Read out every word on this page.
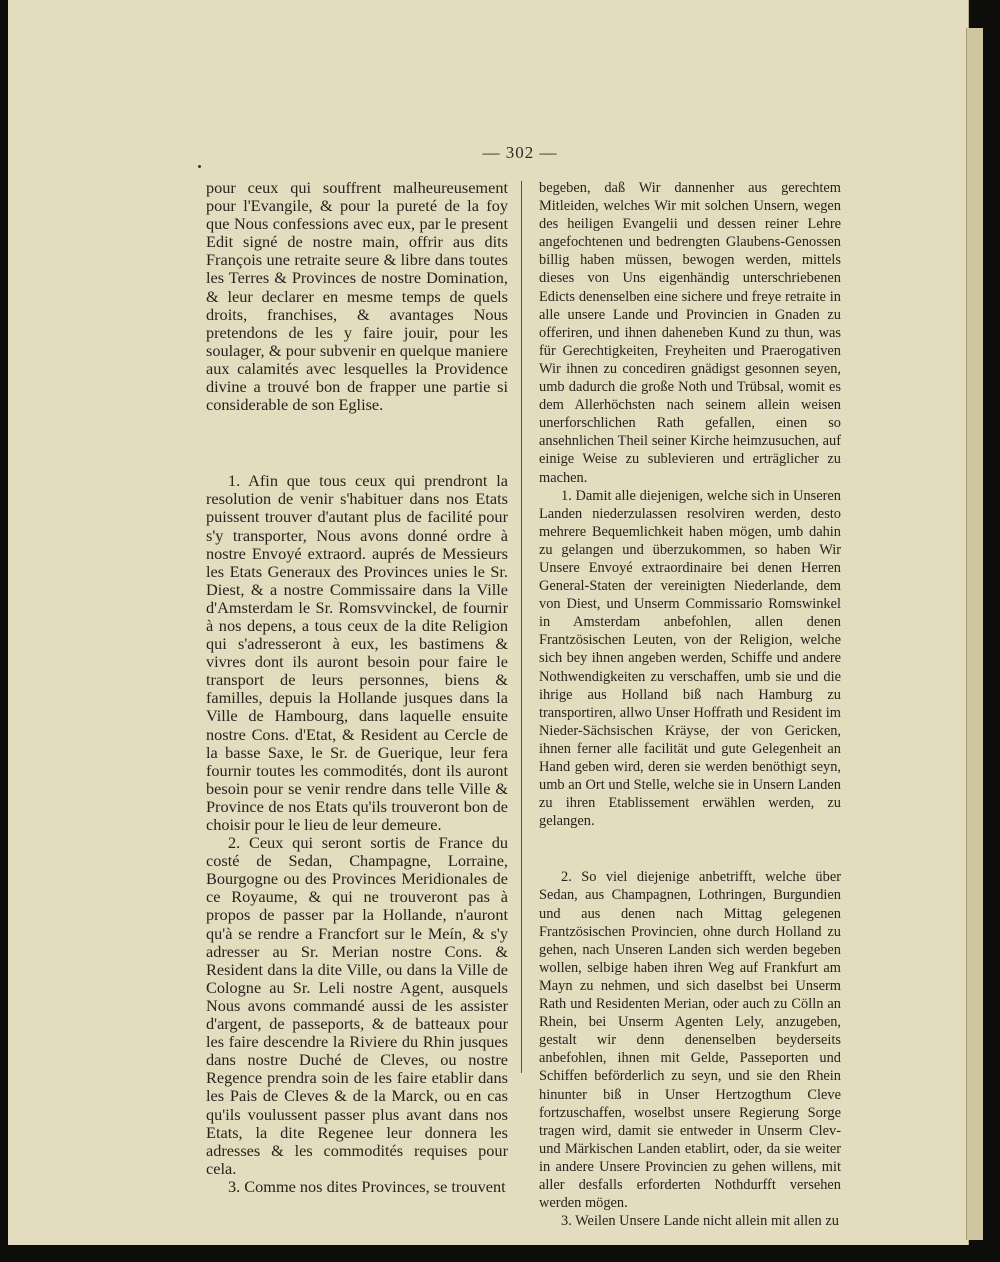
— 302 —

pour ceux qui souffrent malheureusement pour l'Evangile, & pour la pureté de la foy que Nous confessions avec eux, par le present Edit signé de nostre main, offrir aus dits François une retraite seure & libre dans toutes les Terres & Provinces de nostre Domination, & leur declarer en mesme temps de quels droits, franchises, & avantages Nous pretendons de les y faire jouir, pour les soulager, & pour subvenir en quelque maniere aux calamités avec lesquelles la Providence divine a trouvé bon de frapper une partie si considerable de son Eglise.

1. Afin que tous ceux qui prendront la resolution de venir s'habituer dans nos Etats puissent trouver d'autant plus de facilité pour s'y transporter, Nous avons donné ordre à nostre Envoyé extraord. auprés de Messieurs les Etats Generaux des Provinces unies le Sr. Diest, & a nostre Commissaire dans la Ville d'Amsterdam le Sr. Romsvvinckel, de fournir à nos depens, a tous ceux de la dite Religion qui s'adresseront à eux, les bastimens & vivres dont ils auront besoin pour faire le transport de leurs personnes, biens & familles, depuis la Hollande jusques dans la Ville de Hambourg, dans laquelle ensuite nostre Cons. d'Etat, & Resident au Cercle de la basse Saxe, le Sr. de Guerique, leur fera fournir toutes les commodités, dont ils auront besoin pour se venir rendre dans telle Ville & Province de nos Etats qu'ils trouveront bon de choisir pour le lieu de leur demeure.

2. Ceux qui seront sortis de France du costé de Sedan, Champagne, Lorraine, Bourgogne ou des Provinces Meridionales de ce Royaume, & qui ne trouveront pas à propos de passer par la Hollande, n'auront qu'à se rendre a Francfort sur le Meín, & s'y adresser au Sr. Merian nostre Cons. & Resident dans la dite Ville, ou dans la Ville de Cologne au Sr. Leli nostre Agent, ausquels Nous avons commandé aussi de les assister d'argent, de passeports, & de batteaux pour les faire descendre la Riviere du Rhin jusques dans nostre Duché de Cleves, ou nostre Regence prendra soin de les faire etablir dans les Pais de Cleves & de la Marck, ou en cas qu'ils voulussent passer plus avant dans nos Etats, la dite Regenee leur donnera les adresses & les commodités requises pour cela.

3. Comme nos dites Provinces, se trouvent

begeben, daß Wir dannenher aus gerechtem Mitleiden, welches Wir mit solchen Unsern, wegen des heiligen Evangelii und dessen reiner Lehre angefochtenen und bedrengten Glaubens-Genossen billig haben müssen, bewogen werden, mittels dieses von Uns eigenhändig unterschriebenen Edicts denenselben eine sichere und freye retraite in alle unsere Lande und Provincien in Gnaden zu offeriren, und ihnen daheneben Kund zu thun, was für Gerechtigkeiten, Freyheiten und Praerogativen Wir ihnen zu concediren gnädigst gesonnen seyen, umb dadurch die große Noth und Trübsal, womit es dem Allerhöchsten nach seinem allein weisen unerforschlichen Rath gefallen, einen so ansehnlichen Theil seiner Kirche heimzusuchen, auf einige Weise zu sublevieren und erträglicher zu machen.

1. Damit alle diejenigen, welche sich in Unseren Landen niederzulassen resolviren werden, desto mehrere Bequemlichkeit haben mögen, umb dahin zu gelangen und überzukommen, so haben Wir Unsere Envoyé extraordinaire bei denen Herren General-Staten der vereinigten Niederlande, dem von Diest, und Unserm Commissario Romswinkel in Amsterdam anbefohlen, allen denen Frantzösischen Leuten, von der Religion, welche sich bey ihnen angeben werden, Schiffe und andere Nothwendigkeiten zu verschaffen, umb sie und die ihrige aus Holland biß nach Hamburg zu transportiren, allwo Unser Hoffrath und Resident im Nieder-Sächsischen Kräyse, der von Gericken, ihnen ferner alle facilität und gute Gelegenheit an Hand geben wird, deren sie werden benöthigt seyn, umb an Ort und Stelle, welche sie in Unsern Landen zu ihren Etablissement erwählen werden, zu gelangen.

2. So viel diejenige anbetrifft, welche über Sedan, aus Champagnen, Lothringen, Burgundien und aus denen nach Mittag gelegenen Frantzösischen Provincien, ohne durch Holland zu gehen, nach Unseren Landen sich werden begeben wollen, selbige haben ihren Weg auf Frankfurt am Mayn zu nehmen, und sich daselbst bei Unserm Rath und Residenten Merian, oder auch zu Cölln an Rhein, bei Unserm Agenten Lely, anzugeben, gestalt wir denn denenselben beyderseits anbefohlen, ihnen mit Gelde, Passeporten und Schiffen beförderlich zu seyn, und sie den Rhein hinunter biß in Unser Hertzogthum Cleve fortzuschaffen, woselbst unsere Regierung Sorge tragen wird, damit sie entweder in Unserm Clev- und Märkischen Landen etablirt, oder, da sie weiter in andere Unsere Provincien zu gehen willens, mit aller desfalls erforderten Nothdurfft versehen werden mögen.

3. Weilen Unsere Lande nicht allein mit allen zu
